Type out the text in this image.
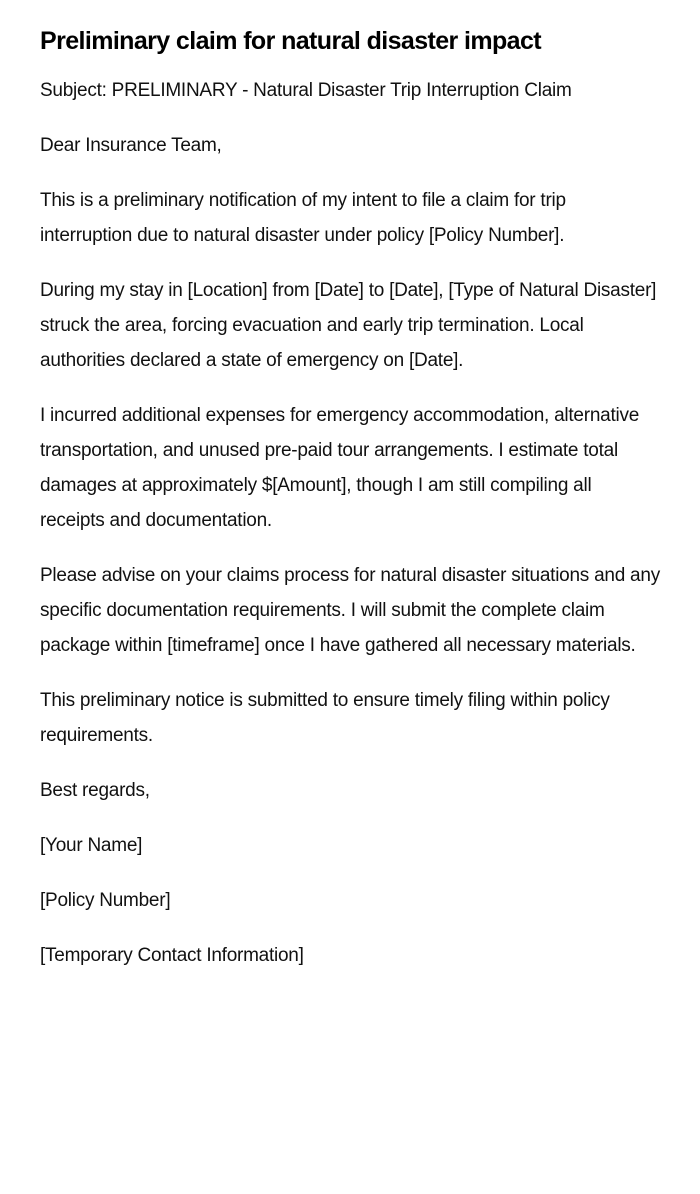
Preliminary claim for natural disaster impact

Subject: PRELIMINARY - Natural Disaster Trip Interruption Claim

Dear Insurance Team,

This is a preliminary notification of my intent to file a claim for trip interruption due to natural disaster under policy [Policy Number].

During my stay in [Location] from [Date] to [Date], [Type of Natural Disaster] struck the area, forcing evacuation and early trip termination. Local authorities declared a state of emergency on [Date].

I incurred additional expenses for emergency accommodation, alternative transportation, and unused pre-paid tour arrangements. I estimate total damages at approximately $[Amount], though I am still compiling all receipts and documentation.

Please advise on your claims process for natural disaster situations and any specific documentation requirements. I will submit the complete claim package within [timeframe] once I have gathered all necessary materials.

This preliminary notice is submitted to ensure timely filing within policy requirements.

Best regards,

[Your Name]

[Policy Number]

[Temporary Contact Information]
